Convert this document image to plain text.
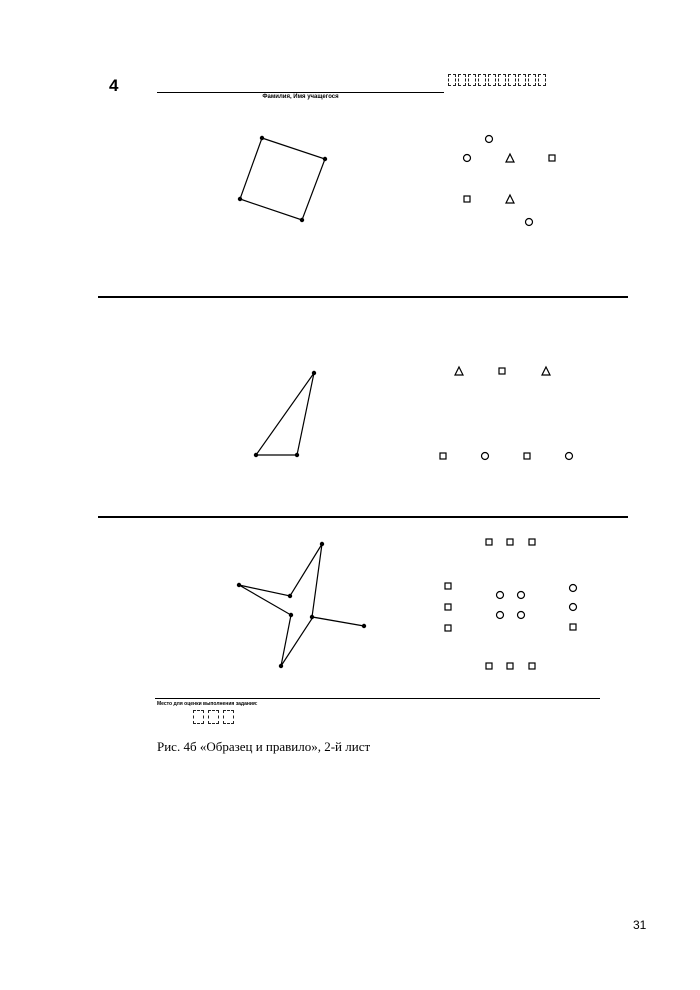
4
Фамилия, Имя учащегося
Место для оценки выполнения задания:
Рис. 4б «Образец и правило», 2-й лист
31
